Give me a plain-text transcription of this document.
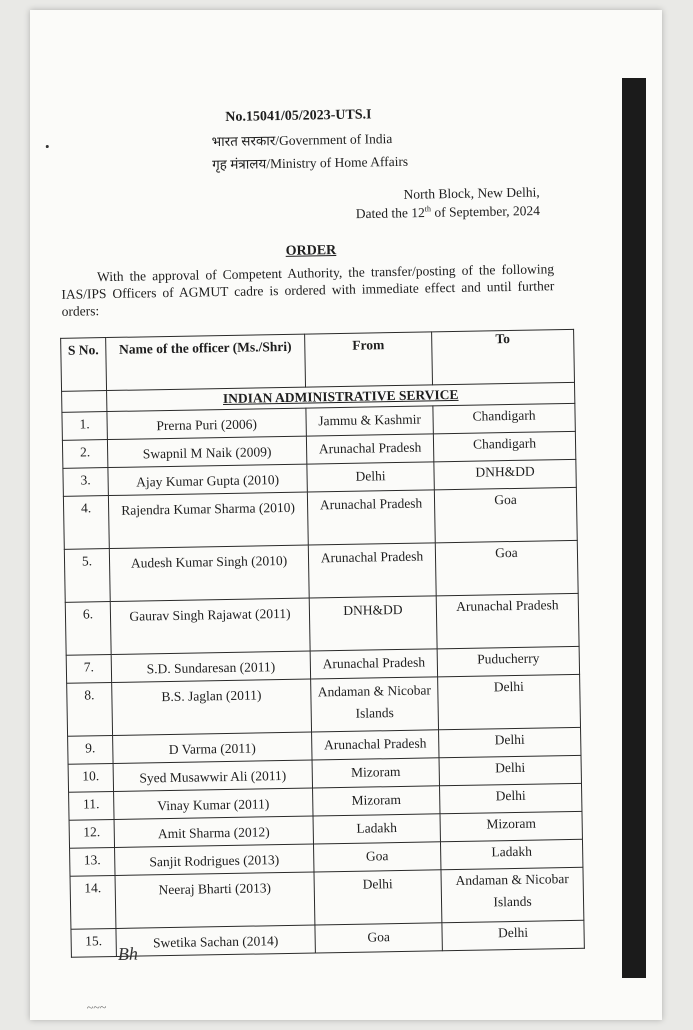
No.15041/05/2023-UTS.I
भारत सरकार/Government of India
गृह मंत्रालय/Ministry of Home Affairs
North Block, New Delhi,
Dated the 12th of September, 2024
ORDER
With the approval of Competent Authority, the transfer/posting of the following IAS/IPS Officers of AGMUT cadre is ordered with immediate effect and until further orders:
S No.	Name of the officer (Ms./Shri)	From	To
	INDIAN ADMINISTRATIVE SERVICE		
1.	Prerna Puri (2006)	Jammu & Kashmir	Chandigarh
2.	Swapnil M Naik (2009)	Arunachal Pradesh	Chandigarh
3.	Ajay Kumar Gupta (2010)	Delhi	DNH&DD
4.	Rajendra Kumar Sharma (2010)	Arunachal Pradesh	Goa
5.	Audesh Kumar Singh (2010)	Arunachal Pradesh	Goa
6.	Gaurav Singh Rajawat (2011)	DNH&DD	Arunachal Pradesh
7.	S.D. Sundaresan (2011)	Arunachal Pradesh	Puducherry
8.	B.S. Jaglan (2011)	Andaman & Nicobar Islands	Delhi
9.	D Varma (2011)	Arunachal Pradesh	Delhi
10.	Syed Musawwir Ali (2011)	Mizoram	Delhi
11.	Vinay Kumar (2011)	Mizoram	Delhi
12.	Amit Sharma (2012)	Ladakh	Mizoram
13.	Sanjit Rodrigues (2013)	Goa	Ladakh
14.	Neeraj Bharti (2013)	Delhi	Andaman & Nicobar Islands
15.	Swetika Sachan (2014)	Goa	Delhi
Bh
~~~
